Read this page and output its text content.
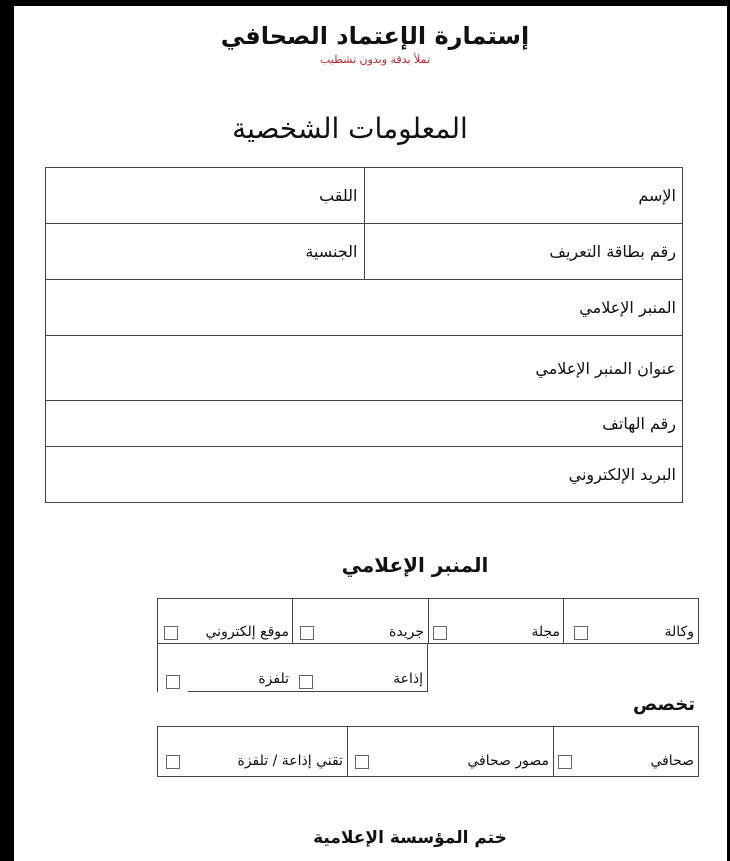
إستمارة الإعتماد الصحافي
تملأ بدقة وبدون تشطيب
المعلومات الشخصية
الإسم	اللقب
رقم بطاقة التعريف	الجنسية
المنبر الإعلامي	
عنوان المنبر الإعلامي	
رقم الهاتف	
البريد الإلكتروني	
المنبر الإعلامي
وكالة
مجلة
جريدة
موقع إلكتروني
إذاعة
تلفزة
تخصص
صحافي
مصور صحافي
تقني إذاعة / تلفزة
ختم المؤسسة الإعلامية
